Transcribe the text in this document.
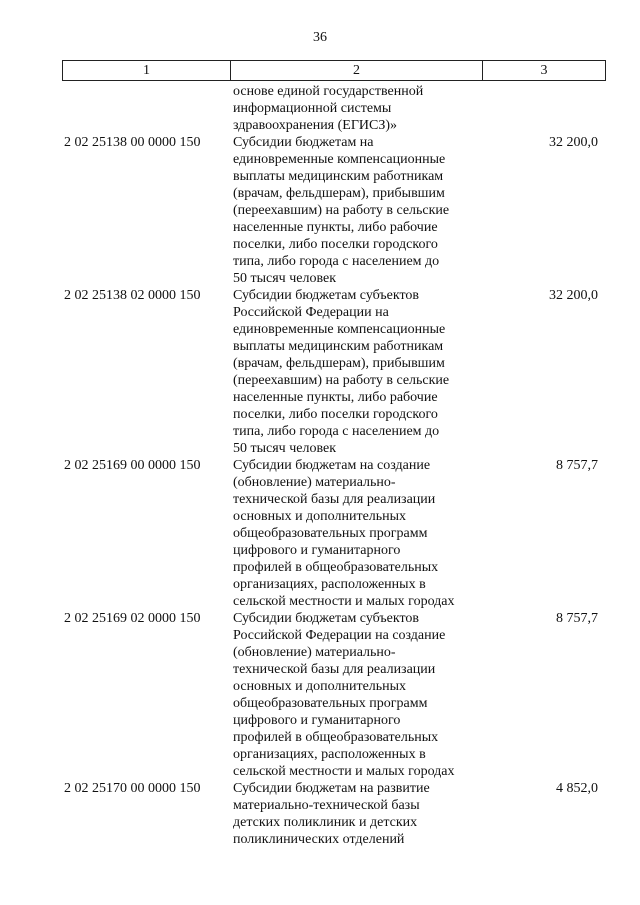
36
1	2	3
основе единой государственной
информационной системы
здравоохранения (ЕГИСЗ)»
2 02 25138 00 0000 150	Субсидии бюджетам на
единовременные компенсационные
выплаты медицинским работникам
(врачам, фельдшерам), прибывшим
(переехавшим) на работу в сельские
населенные пункты, либо рабочие
поселки, либо поселки городского
типа, либо города с населением до
50 тысяч человек
32 200,0
2 02 25138 02 0000 150	Субсидии бюджетам субъектов
Российской Федерации на
единовременные компенсационные
выплаты медицинским работникам
(врачам, фельдшерам), прибывшим
(переехавшим) на работу в сельские
населенные пункты, либо рабочие
поселки, либо поселки городского
типа, либо города с населением до
50 тысяч человек
32 200,0
2 02 25169 00 0000 150	Субсидии бюджетам на создание
(обновление) материально-
технической базы для реализации
основных и дополнительных
общеобразовательных программ
цифрового и гуманитарного
профилей в общеобразовательных
организациях, расположенных в
сельской местности и малых городах
8 757,7
2 02 25169 02 0000 150	Субсидии бюджетам субъектов
Российской Федерации на создание
(обновление) материально-
технической базы для реализации
основных и дополнительных
общеобразовательных программ
цифрового и гуманитарного
профилей в общеобразовательных
организациях, расположенных в
сельской местности и малых городах
8 757,7
2 02 25170 00 0000 150	Субсидии бюджетам на развитие
материально-технической базы
детских поликлиник и детских
поликлинических отделений
4 852,0
